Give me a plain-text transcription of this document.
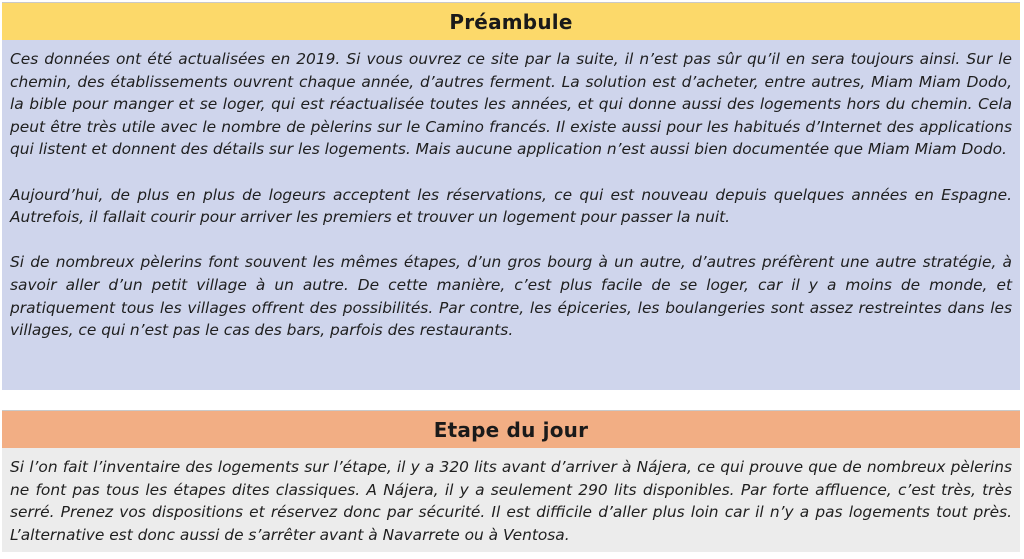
Préambule

Ces données ont été actualisées en 2019. Si vous ouvrez ce site par la suite, il n’est pas sûr qu’il en sera toujours ainsi. Sur le chemin, des établissements ouvrent chaque année, d’autres ferment. La solution est d’acheter, entre autres, Miam Miam Dodo, la bible pour manger et se loger, qui est réactualisée toutes les années, et qui donne aussi des logements hors du chemin. Cela peut être très utile avec le nombre de pèlerins sur le Camino francés. Il existe aussi pour les habitués d’Internet des applications qui listent et donnent des détails sur les logements. Mais aucune application n’est aussi bien documentée que Miam Miam Dodo.

Aujourd’hui, de plus en plus de logeurs acceptent les réservations, ce qui est nouveau depuis quelques années en Espagne. Autrefois, il fallait courir pour arriver les premiers et trouver un logement pour passer la nuit.

Si de nombreux pèlerins font souvent les mêmes étapes, d’un gros bourg à un autre, d’autres préfèrent une autre stratégie, à savoir aller d’un petit village à un autre. De cette manière, c’est plus facile de se loger, car il y a moins de monde, et pratiquement tous les villages offrent des possibilités. Par contre, les épiceries, les boulangeries sont assez restreintes dans les villages, ce qui n’est pas le cas des bars, parfois des restaurants.

Etape du jour

Si l’on fait l’inventaire des logements sur l’étape, il y a 320 lits avant d’arriver à Nájera, ce qui prouve que de nombreux pèlerins ne font pas tous les étapes dites classiques. A Nájera, il y a seulement 290 lits disponibles. Par forte affluence, c’est très, très serré. Prenez vos dispositions et réservez donc par sécurité. Il est difficile d’aller plus loin car il n’y a pas logements tout près. L’alternative est donc aussi de s’arrêter avant à Navarrete ou à Ventosa.
